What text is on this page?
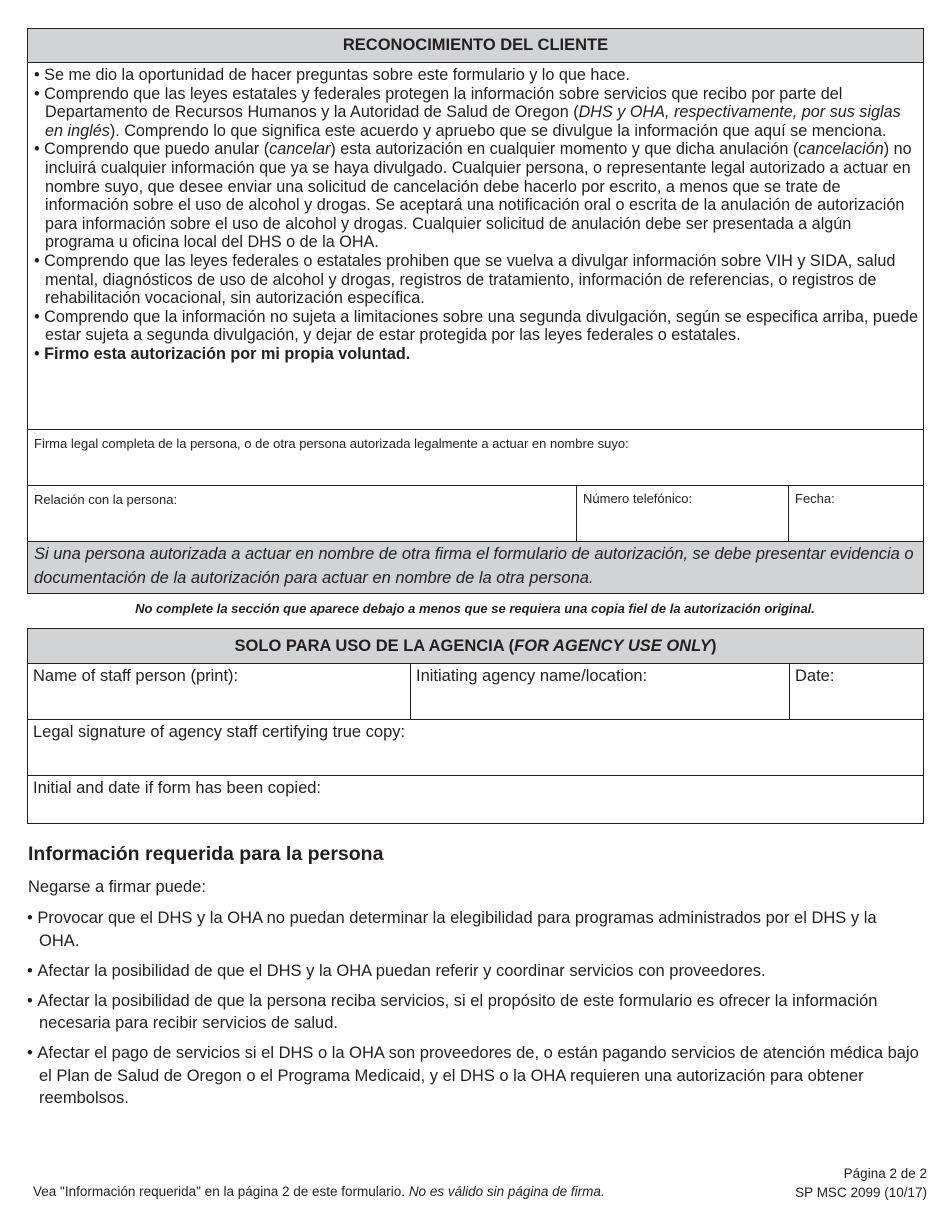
RECONOCIMIENTO DEL CLIENTE
• Se me dio la oportunidad de hacer preguntas sobre este formulario y lo que hace.
• Comprendo que las leyes estatales y federales protegen la información sobre servicios que recibo por parte del Departamento de Recursos Humanos y la Autoridad de Salud de Oregon (DHS y OHA, respectivamente, por sus siglas en inglés). Comprendo lo que significa este acuerdo y apruebo que se divulgue la información que aquí se menciona.
• Comprendo que puedo anular (cancelar) esta autorización en cualquier momento y que dicha anulación (cancelación) no incluirá cualquier información que ya se haya divulgado. Cualquier persona, o representante legal autorizado a actuar en nombre suyo, que desee enviar una solicitud de cancelación debe hacerlo por escrito, a menos que se trate de información sobre el uso de alcohol y drogas. Se aceptará una notificación oral o escrita de la anulación de autorización para información sobre el uso de alcohol y drogas. Cualquier solicitud de anulación debe ser presentada a algún programa u oficina local del DHS o de la OHA.
• Comprendo que las leyes federales o estatales prohiben que se vuelva a divulgar información sobre VIH y SIDA, salud mental, diagnósticos de uso de alcohol y drogas, registros de tratamiento, información de referencias, o registros de rehabilitación vocacional, sin autorización específica.
• Comprendo que la información no sujeta a limitaciones sobre una segunda divulgación, según se especifica arriba, puede estar sujeta a segunda divulgación, y dejar de estar protegida por las leyes federales o estatales.
• Firmo esta autorización por mi propia voluntad.
Firma legal completa de la persona, o de otra persona autorizada legalmente a actuar en nombre suyo:
Relación con la persona:	Número telefónico:	Fecha:
Si una persona autorizada a actuar en nombre de otra firma el formulario de autorización, se debe presentar evidencia o documentación de la autorización para actuar en nombre de la otra persona.
No complete la sección que aparece debajo a menos que se requiera una copia fiel de la autorización original.
SOLO PARA USO DE LA AGENCIA (FOR AGENCY USE ONLY)
Name of staff person (print):	Initiating agency name/location:	Date:
Legal signature of agency staff certifying true copy:
Initial and date if form has been copied:
Información requerida para la persona
Negarse a firmar puede:
• Provocar que el DHS y la OHA no puedan determinar la elegibilidad para programas administrados por el DHS y la OHA.
• Afectar la posibilidad de que el DHS y la OHA puedan referir y coordinar servicios con proveedores.
• Afectar la posibilidad de que la persona reciba servicios, si el propósito de este formulario es ofrecer la información necesaria para recibir servicios de salud.
• Afectar el pago de servicios si el DHS o la OHA son proveedores de, o están pagando servicios de atención médica bajo el Plan de Salud de Oregon o el Programa Medicaid, y el DHS o la OHA requieren una autorización para obtener reembolsos.
Vea "Información requerida" en la página 2 de este formulario. No es válido sin página de firma.
Página 2 de 2
SP MSC 2099 (10/17)
